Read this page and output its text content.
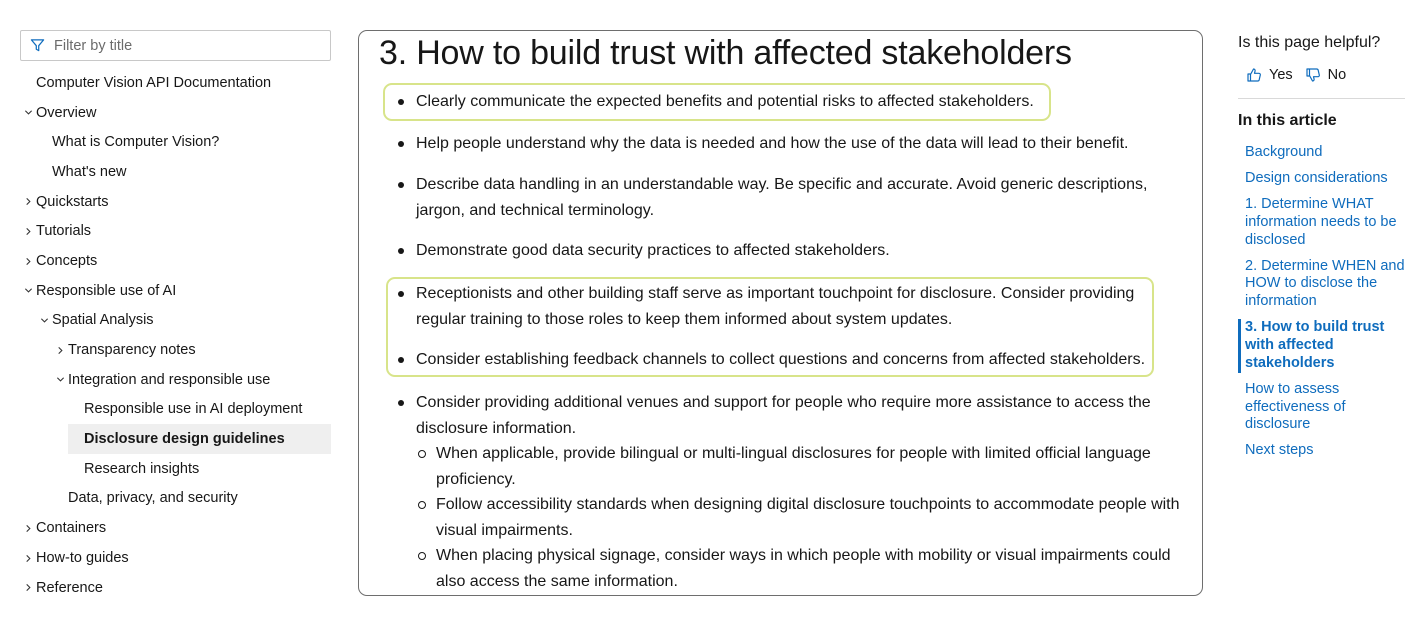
Filter by title
Computer Vision API Documentation
Overview
What is Computer Vision?
What's new
Quickstarts
Tutorials
Concepts
Responsible use of AI
Spatial Analysis
Transparency notes
Integration and responsible use
Responsible use in AI deployment
Disclosure design guidelines
Research insights
Data, privacy, and security
Containers
How-to guides
Reference
3. How to build trust with affected stakeholders
Clearly communicate the expected benefits and potential risks to affected stakeholders.
Help people understand why the data is needed and how the use of the data will lead to their benefit.
Describe data handling in an understandable way. Be specific and accurate. Avoid generic descriptions, jargon, and technical terminology.
Demonstrate good data security practices to affected stakeholders.
Receptionists and other building staff serve as important touchpoint for disclosure. Consider providing regular training to those roles to keep them informed about system updates.
Consider establishing feedback channels to collect questions and concerns from affected stakeholders.
Consider providing additional venues and support for people who require more assistance to access the disclosure information.
When applicable, provide bilingual or multi-lingual disclosures for people with limited official language proficiency.
Follow accessibility standards when designing digital disclosure touchpoints to accommodate people with visual impairments.
When placing physical signage, consider ways in which people with mobility or visual impairments could also access the same information.
Is this page helpful?
Yes No
In this article
Background
Design considerations
1. Determine WHAT information needs to be disclosed
2. Determine WHEN and HOW to disclose the information
3. How to build trust with affected stakeholders
How to assess effectiveness of disclosure
Next steps
